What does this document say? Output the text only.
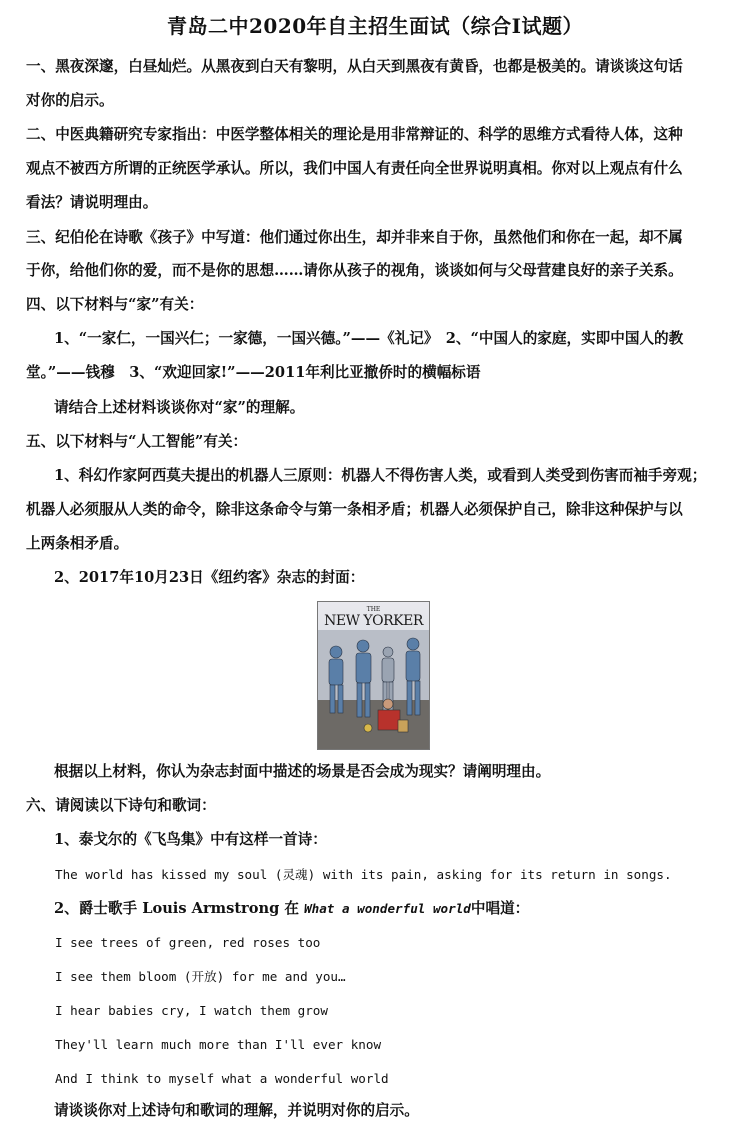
青岛二中2020年自主招生面试（综合Ⅰ试题）
一、黑夜深邃，白昼灿烂。从黑夜到白天有黎明，从白天到黑夜有黄昏，也都是极美的。请谈谈这句话
对你的启示。
二、中医典籍研究专家指出：中医学整体相关的理论是用非常辩证的、科学的思维方式看待人体，这种
观点不被西方所谓的正统医学承认。所以，我们中国人有责任向全世界说明真相。你对以上观点有什么
看法？请说明理由。
三、纪伯伦在诗歌《孩子》中写道：他们通过你出生，却并非来自于你，虽然他们和你在一起，却不属
于你，给他们你的爱，而不是你的思想……请你从孩子的视角，谈谈如何与父母营建良好的亲子关系。
四、以下材料与“家”有关：
1、“一家仁，一国兴仁；一家德，一国兴德。”——《礼记》　2、“中国人的家庭，实即中国人的教
堂。”——钱穆　3、“欢迎回家!”——2011年利比亚撤侨时的横幅标语
请结合上述材料谈谈你对“家”的理解。
五、以下材料与“人工智能”有关：
1、科幻作家阿西莫夫提出的机器人三原则：机器人不得伤害人类，或看到人类受到伤害而袖手旁观；
机器人必须服从人类的命令，除非这条命令与第一条相矛盾；机器人必须保护自己，除非这种保护与以
上两条相矛盾。
2、2017年10月23日《纽约客》杂志的封面：
THE
NEW YORKER
根据以上材料，你认为杂志封面中描述的场景是否会成为现实？请阐明理由。
六、请阅读以下诗句和歌词：
1、泰戈尔的《飞鸟集》中有这样一首诗：
The world has kissed my soul (灵魂) with its pain, asking for its return in songs.
2、爵士歌手 Louis Armstrong 在 What a wonderful world中唱道：
I see trees of green, red roses too
I see them bloom (开放) for me and you…
I hear babies cry, I watch them grow
They'll learn much more than I'll ever know
And I think to myself what a wonderful world
请谈谈你对上述诗句和歌词的理解，并说明对你的启示。
